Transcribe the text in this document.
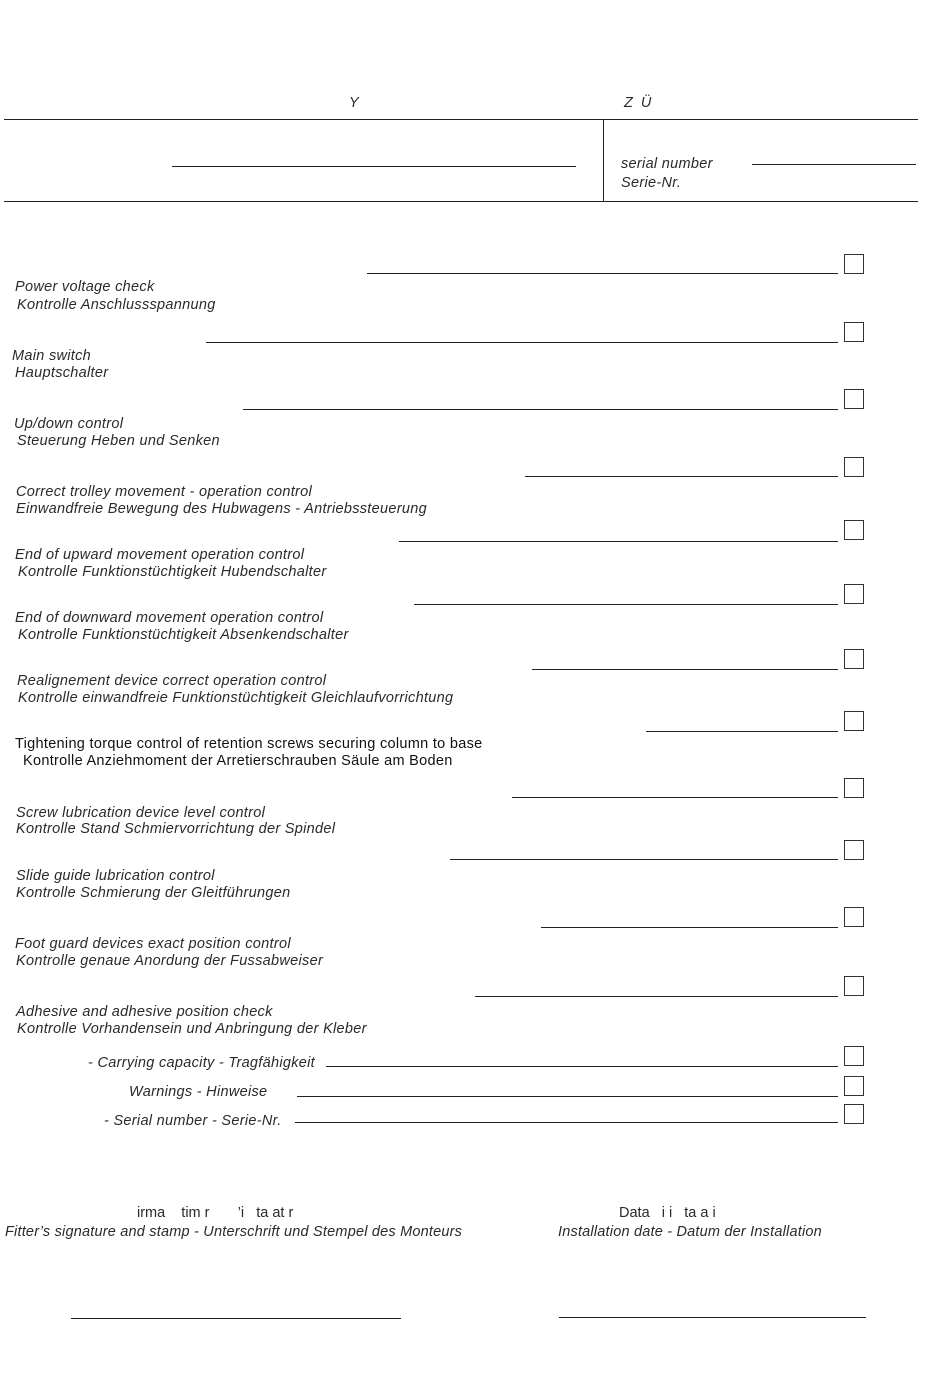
Y	Z  Ü
serial number
Serie-Nr.
Power voltage check
Kontrolle Anschlussspannung
Main switch
Hauptschalter
Up/down control
Steuerung Heben und Senken
Correct trolley movement - operation control
Einwandfreie Bewegung des Hubwagens - Antriebssteuerung
End of upward movement operation control
Kontrolle Funktionstüchtigkeit Hubendschalter
End of downward movement operation control
Kontrolle Funktionstüchtigkeit Absenkendschalter
Realignement device correct operation control
Kontrolle einwandfreie Funktionstüchtigkeit Gleichlaufvorrichtung
Tightening torque control of retention screws securing column to base
Kontrolle Anziehmoment der Arretierschrauben Säule am Boden
Screw lubrication device level control
Kontrolle Stand Schmiervorrichtung der Spindel
Slide guide lubrication control
Kontrolle Schmierung der Gleitführungen
Foot guard devices exact position control
Kontrolle genaue Anordung der Fussabweiser
Adhesive and adhesive position check
Kontrolle Vorhandensein und Anbringung der Kleber
- Carrying capacity - Tragfähigkeit
Warnings - Hinweise
- Serial number - Serie-Nr.
irma    tim r       ’i   ta at r
Fitter’s signature and stamp - Unterschrift und Stempel des Monteurs
Data   i i   ta a i
Installation date - Datum der Installation
